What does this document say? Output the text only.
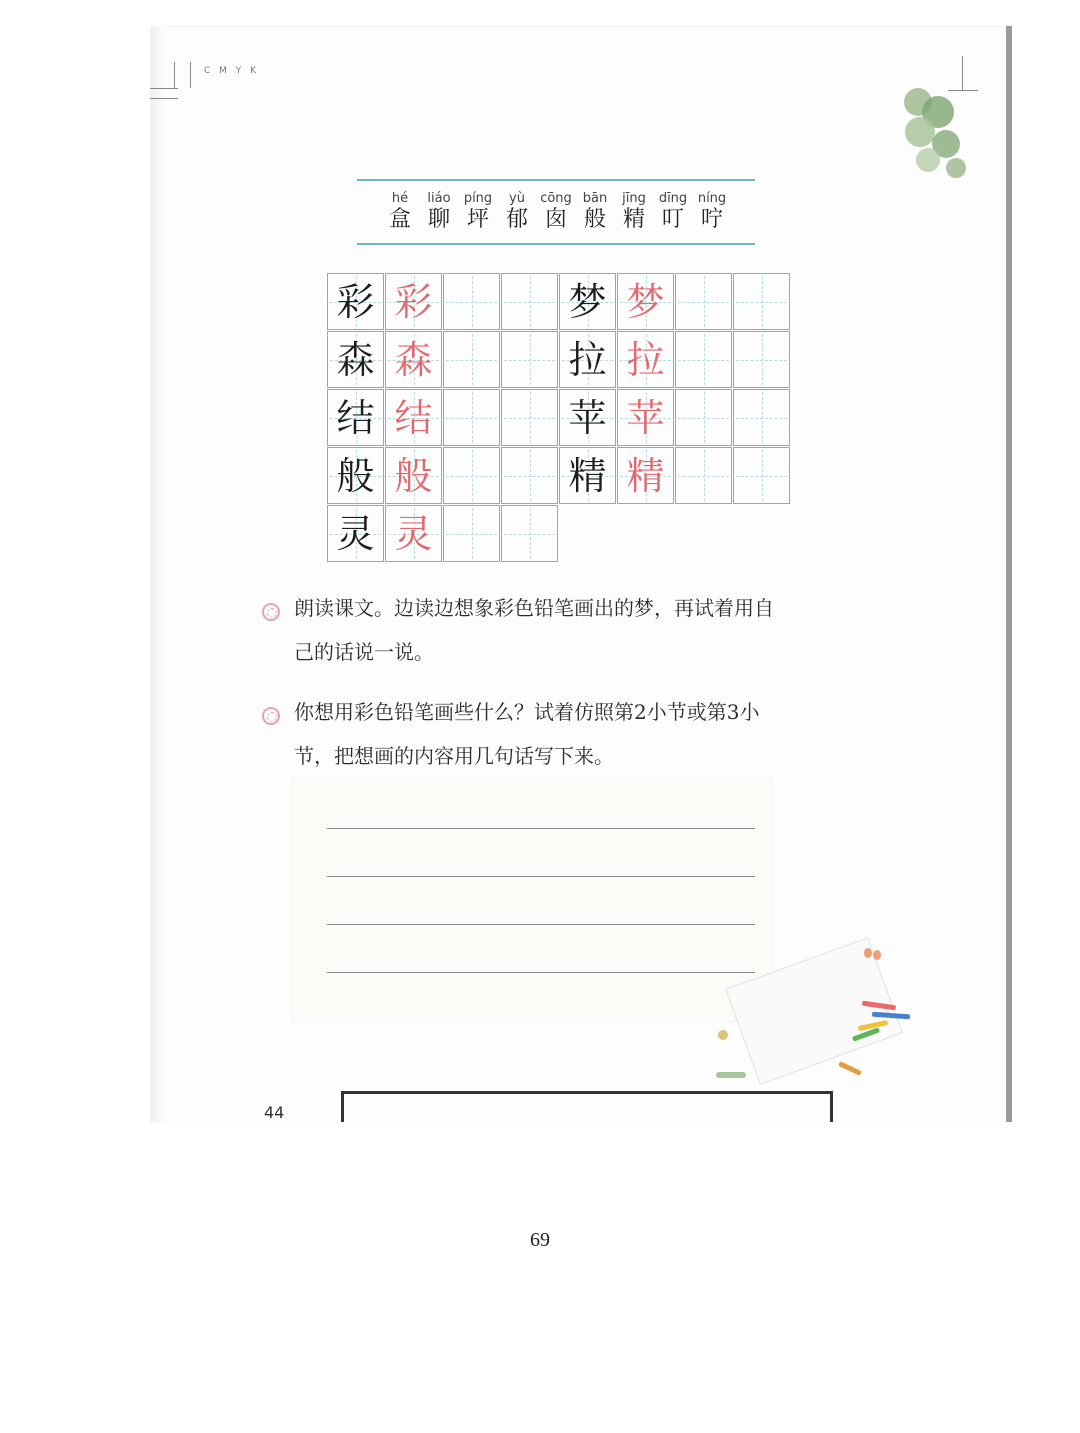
C M Y K
hé
盒
liáo
聊
píng
坪
yù
郁
cōng
囱
bān
般
jīng
精
dīng
叮
níng
咛
彩 彩
森 森
结 结
般 般
灵 灵
梦 梦
拉 拉
苹 苹
精 精
朗读课文。边读边想象彩色铅笔画出的梦，再试着用自
己的话说一说。
你想用彩色铅笔画些什么？试着仿照第2小节或第3小
节，把想画的内容用几句话写下来。
44
69
